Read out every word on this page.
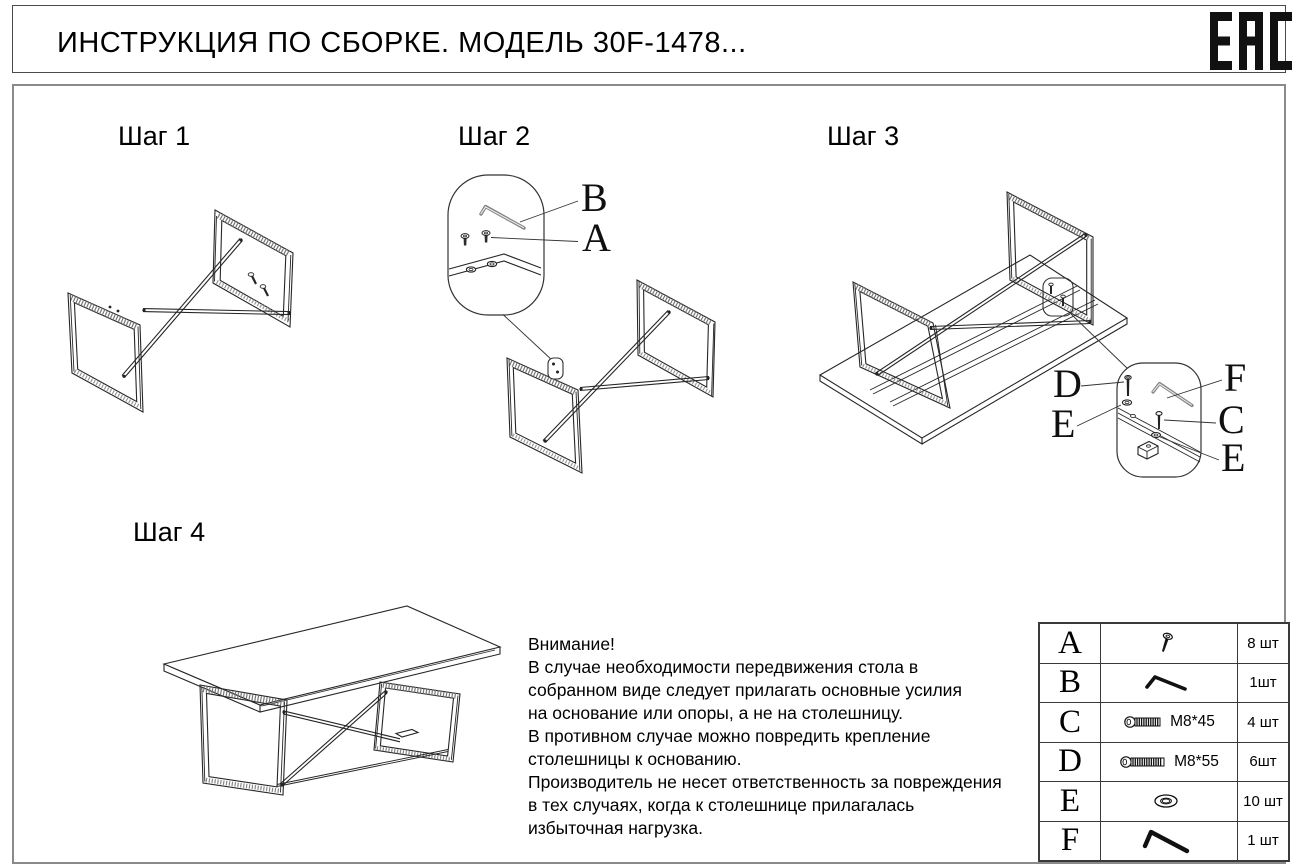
ИНСТРУКЦИЯ ПО СБОРКЕ. МОДЕЛЬ 30F-1478...
Шаг 1	Шаг 2	Шаг 3
Шаг 4
B
A
D
E
F
C
E
Внимание!
В случае необходимости передвижения стола в
собранном виде следует прилагать основные усилия
на основание или опоры, а не на столешницу.
В противном случае можно повредить крепление
столешницы к основанию.
Производитель не несет ответственность за повреждения
в тех случаях, когда к столешнице прилагалась
избыточная нагрузка.
A	8 шт
B	1шт
C	M8*45	4 шт
D	M8*55	6шт
E	10 шт
F	1 шт
